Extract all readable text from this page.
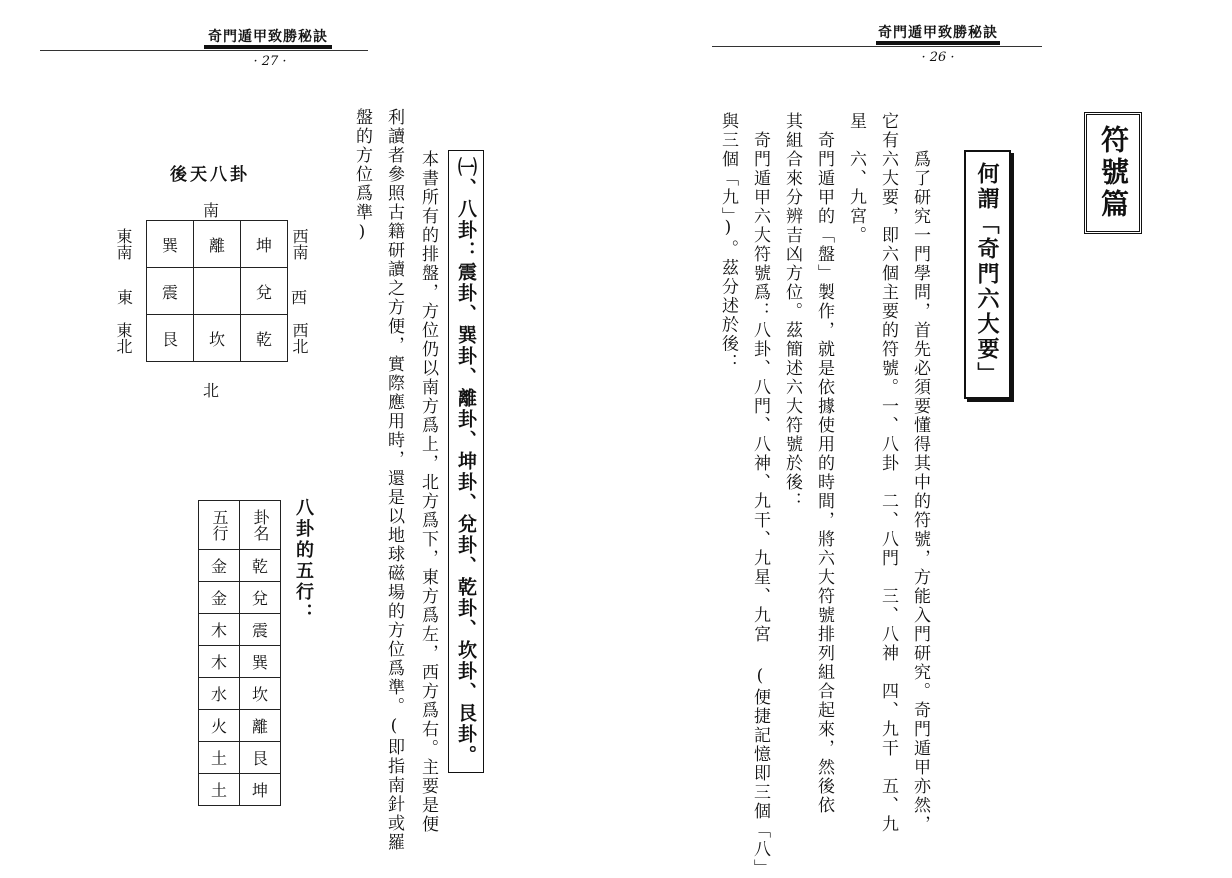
奇門遁甲致勝秘訣
· 27 ·
盤的方位爲準) 利讀者參照古籍研讀之方便，實際應用時，還是以地球磁場的方位爲準。(即指南針或羅 本書所有的排盤，方位仍以南方爲上，北方爲下，東方爲左，西方爲右。主要是便 ㈠、八卦：震卦、巽卦、離卦、坤卦、兌卦、乾卦、坎卦、艮卦。
後天八卦
南
北
東南
東
東北
西南
西
西北
巽	離	坤
震		兌
艮	坎	乾
八卦的五行：
五行	卦名
金	乾
金	兌
木	震
木	巽
水	坎
火	離
土	艮
土	坤
奇門遁甲致勝秘訣
· 26 ·
符號篇
何謂「奇門六大要」
爲了研究一門學問，首先必須要懂得其中的符號，方能入門研究。奇門遁甲亦然，
它有六大要，即六個主要的符號。一、八卦　二、八門　三、八神　四、九干　五、九
星　六、九宮。
　奇門遁甲的「盤」製作，就是依據使用的時間，將六大符號排列組合起來，然後依
其組合來分辨吉凶方位。茲簡述六大符號於後：
　奇門遁甲六大符號爲：八卦、八門、八神、九干、九星、九宮 (便捷記憶即三個「八」
與三個「九」)。茲分述於後：
